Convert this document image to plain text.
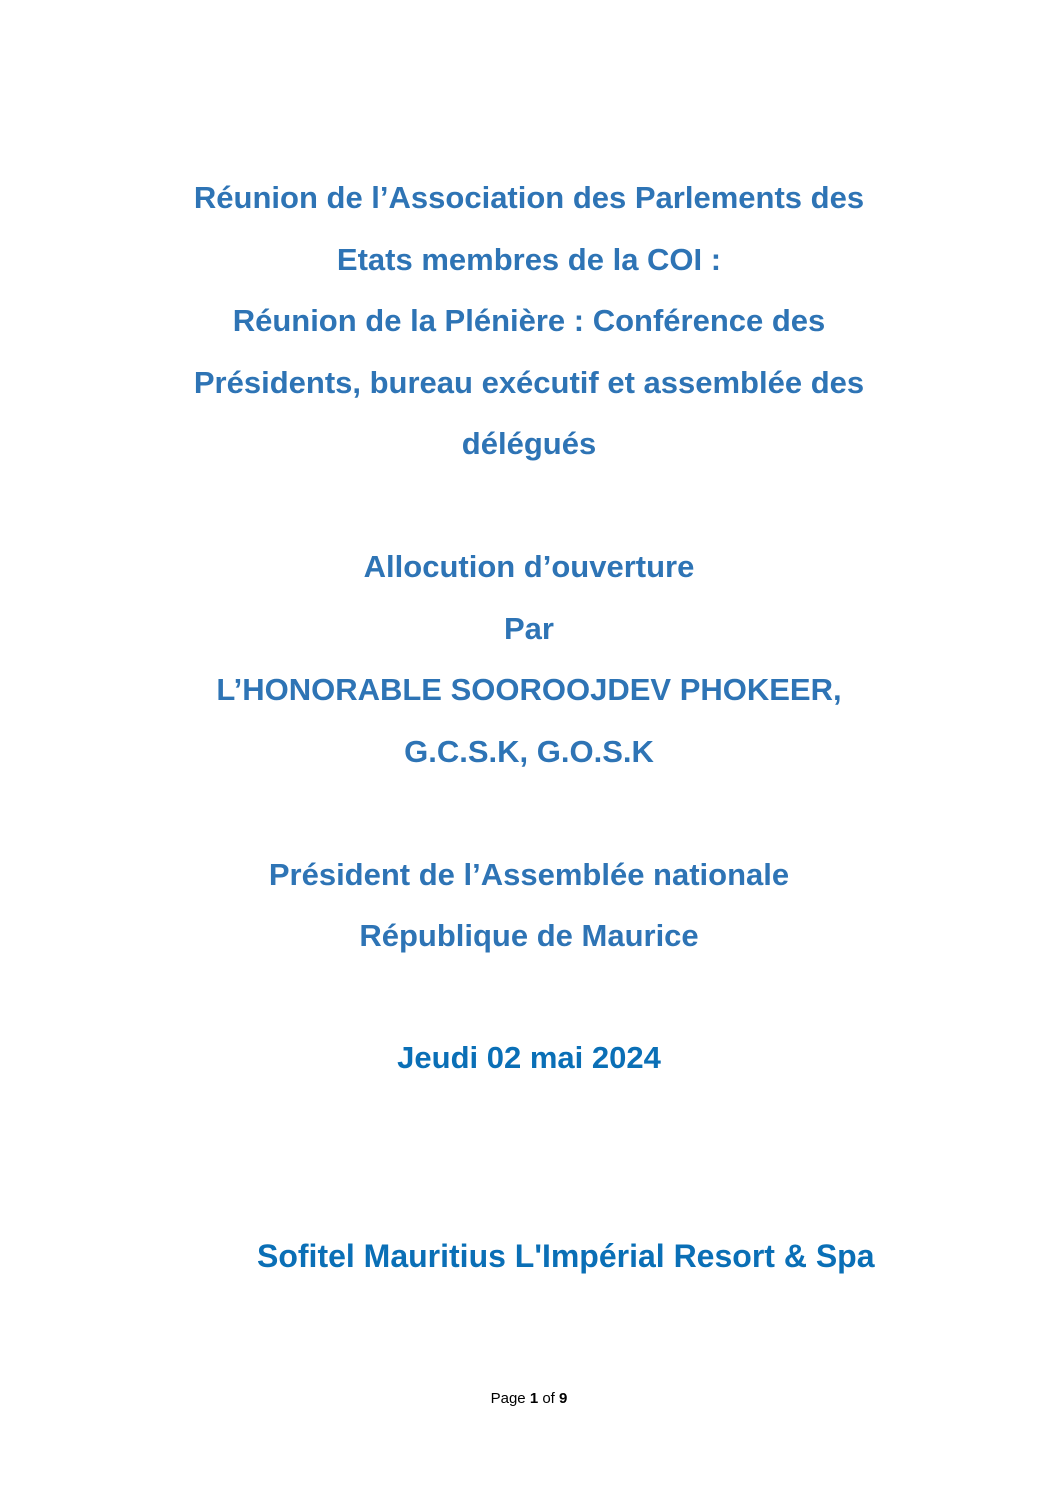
Réunion de l’Association des Parlements des
Etats membres de la COI :
Réunion de la Plénière : Conférence des
Présidents, bureau exécutif et assemblée des
délégués
Allocution d’ouverture
Par
L’HONORABLE SOOROOJDEV PHOKEER,
G.C.S.K, G.O.S.K
Président de l’Assemblée nationale
République de Maurice
Jeudi 02 mai 2024

Sofitel Mauritius L'Impérial Resort & Spa

Page 1 of 9
